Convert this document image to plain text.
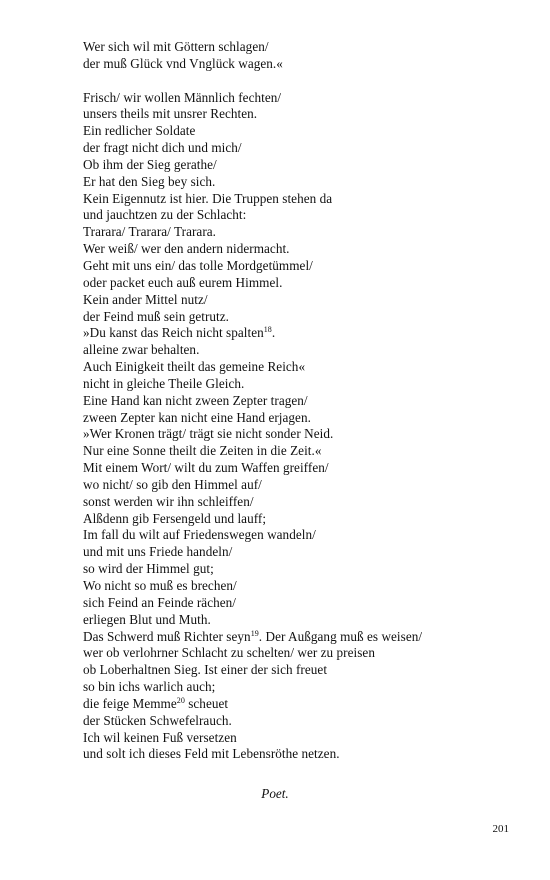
Wer sich wil mit Göttern schlagen/
der muß Glück vnd Vnglück wagen.«
Frisch/ wir wollen Männlich fechten/
unsers theils mit unsrer Rechten.
Ein redlicher Soldate
der fragt nicht dich und mich/
Ob ihm der Sieg gerathe/
Er hat den Sieg bey sich.
Kein Eigennutz ist hier. Die Truppen stehen da
und jauchtzen zu der Schlacht:
Trarara/ Trarara/ Trarara.
Wer weiß/ wer den andern nidermacht.
Geht mit uns ein/ das tolle Mordgetümmel/
oder packet euch auß eurem Himmel.
Kein ander Mittel nutz/
der Feind muß sein getrutz.
»Du kanst das Reich nicht spalten$^{18}$.
alleine zwar behalten.
Auch Einigkeit theilt das gemeine Reich«
nicht in gleiche Theile Gleich.
Eine Hand kan nicht zween Zepter tragen/
zween Zepter kan nicht eine Hand erjagen.
»Wer Kronen trägt/ trägt sie nicht sonder Neid.
Nur eine Sonne theilt die Zeiten in die Zeit.«
Mit einem Wort/ wilt du zum Waffen greiffen/
wo nicht/ so gib den Himmel auf/
sonst werden wir ihn schleiffen/
Alßdenn gib Fersengeld und lauff;
Im fall du wilt auf Friedenswegen wandeln/
und mit uns Friede handeln/
so wird der Himmel gut;
Wo nicht so muß es brechen/
sich Feind an Feinde rächen/
erliegen Blut und Muth.
Das Schwerd muß Richter seyn$^{19}$. Der Außgang muß es weisen/
wer ob verlohrner Schlacht zu schelten/ wer zu preisen
ob Loberhaltnen Sieg. Ist einer der sich freuet
so bin ichs warlich auch;
die feige Memme$^{20}$ scheuet
der Stücken Schwefelrauch.
Ich wil keinen Fuß versetzen
und solt ich dieses Feld mit Lebensröthe netzen.
Poet.
201
